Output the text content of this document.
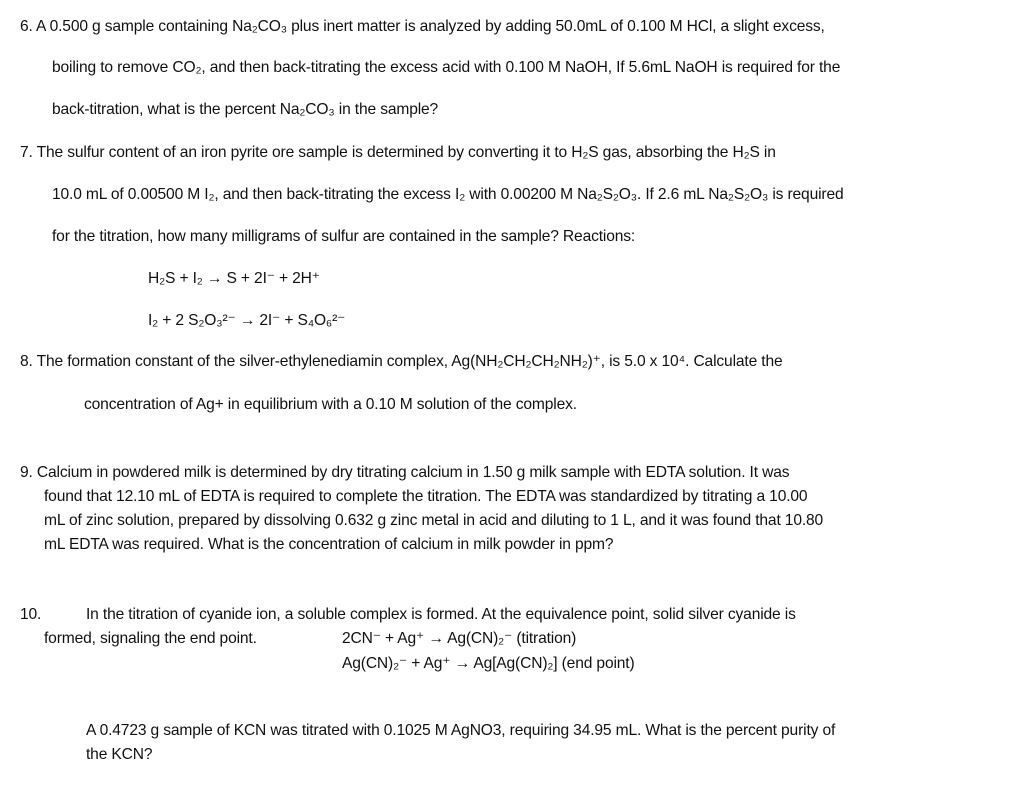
6. A 0.500 g sample containing Na₂CO₃ plus inert matter is analyzed by adding 50.0mL of 0.100 M HCl, a slight excess,
boiling to remove CO₂, and then back-titrating the excess acid with 0.100 M NaOH, If 5.6mL NaOH is required for the
back-titration, what is the percent Na₂CO₃ in the sample?
7. The sulfur content of an iron pyrite ore sample is determined by converting it to H₂S gas, absorbing the H₂S in
10.0 mL of 0.00500 M I₂, and then back-titrating the excess I₂ with 0.00200 M Na₂S₂O₃. If 2.6 mL Na₂S₂O₃ is required
for the titration, how many milligrams of sulfur are contained in the sample? Reactions:
H₂S + I₂ → S + 2I⁻ + 2H⁺
I₂ + 2 S₂O₃²⁻ → 2I⁻ + S₄O₆²⁻
8. The formation constant of the silver-ethylenediamin complex, Ag(NH₂CH₂CH₂NH₂)⁺, is 5.0 x 10⁴. Calculate the
concentration of Ag+ in equilibrium with a 0.10 M solution of the complex.
9. Calcium in powdered milk is determined by dry titrating calcium in 1.50 g milk sample with EDTA solution. It was
found that 12.10 mL of EDTA is required to complete the titration. The EDTA was standardized by titrating a 10.00
mL of zinc solution, prepared by dissolving 0.632 g zinc metal in acid and diluting to 1 L, and it was found that 10.80
mL EDTA was required. What is the concentration of calcium in milk powder in ppm?
10.	In the titration of cyanide ion, a soluble complex is formed. At the equivalence point, solid silver cyanide is
formed, signaling the end point.	2CN⁻ + Ag⁺ → Ag(CN)₂⁻ (titration)
Ag(CN)₂⁻ + Ag⁺ → Ag[Ag(CN)₂] (end point)
A 0.4723 g sample of KCN was titrated with 0.1025 M AgNO3, requiring 34.95 mL. What is the percent purity of
the KCN?
